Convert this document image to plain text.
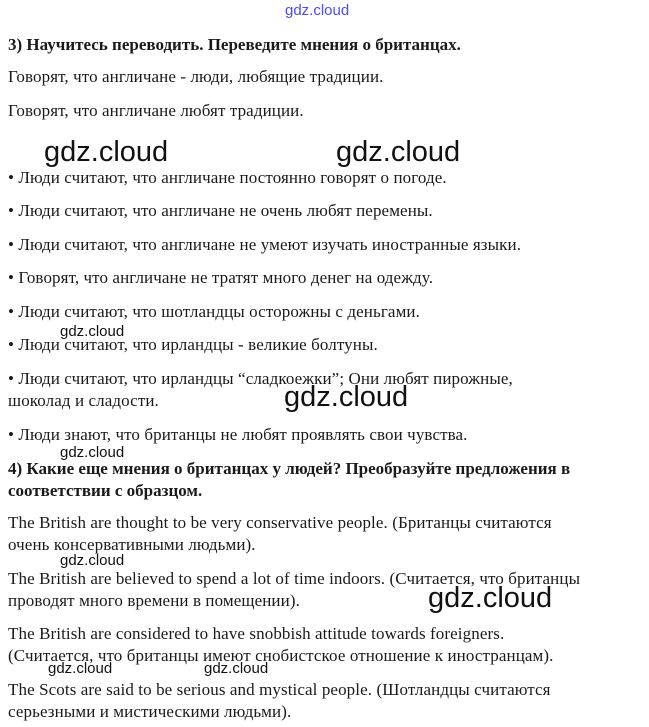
gdz.cloud
3) Научитесь переводить. Переведите мнения о британцах.
Говорят, что англичане - люди, любящие традиции.
Говорят, что англичане любят традиции.
gdz.cloud	gdz.cloud
• Люди считают, что англичане постоянно говорят о погоде.
• Люди считают, что англичане не очень любят перемены.
• Люди считают, что англичане не умеют изучать иностранные языки.
• Говорят, что англичане не тратят много денег на одежду.
• Люди считают, что шотландцы осторожны с деньгами.
gdz.cloud
• Люди считают, что ирландцы - великие болтуны.
• Люди считают, что ирландцы “сладкоежки”; Они любят пирожные,
шоколад и сладости.	gdz.cloud
• Люди знают, что британцы не любят проявлять свои чувства.
gdz.cloud
4) Какие еще мнения о британцах у людей? Преобразуйте предложения в
соответствии с образцом.
The British are thought to be very conservative people. (Британцы считаются
очень консервативными людьми).
gdz.cloud
The British are believed to spend a lot of time indoors. (Считается, что британцы
проводят много времени в помещении).	gdz.cloud
The British are considered to have snobbish attitude towards foreigners.
(Считается, что британцы имеют снобистское отношение к иностранцам).
gdz.cloud	gdz.cloud
The Scots are said to be serious and mystical people. (Шотландцы считаются
серьезными и мистическими людьми).
